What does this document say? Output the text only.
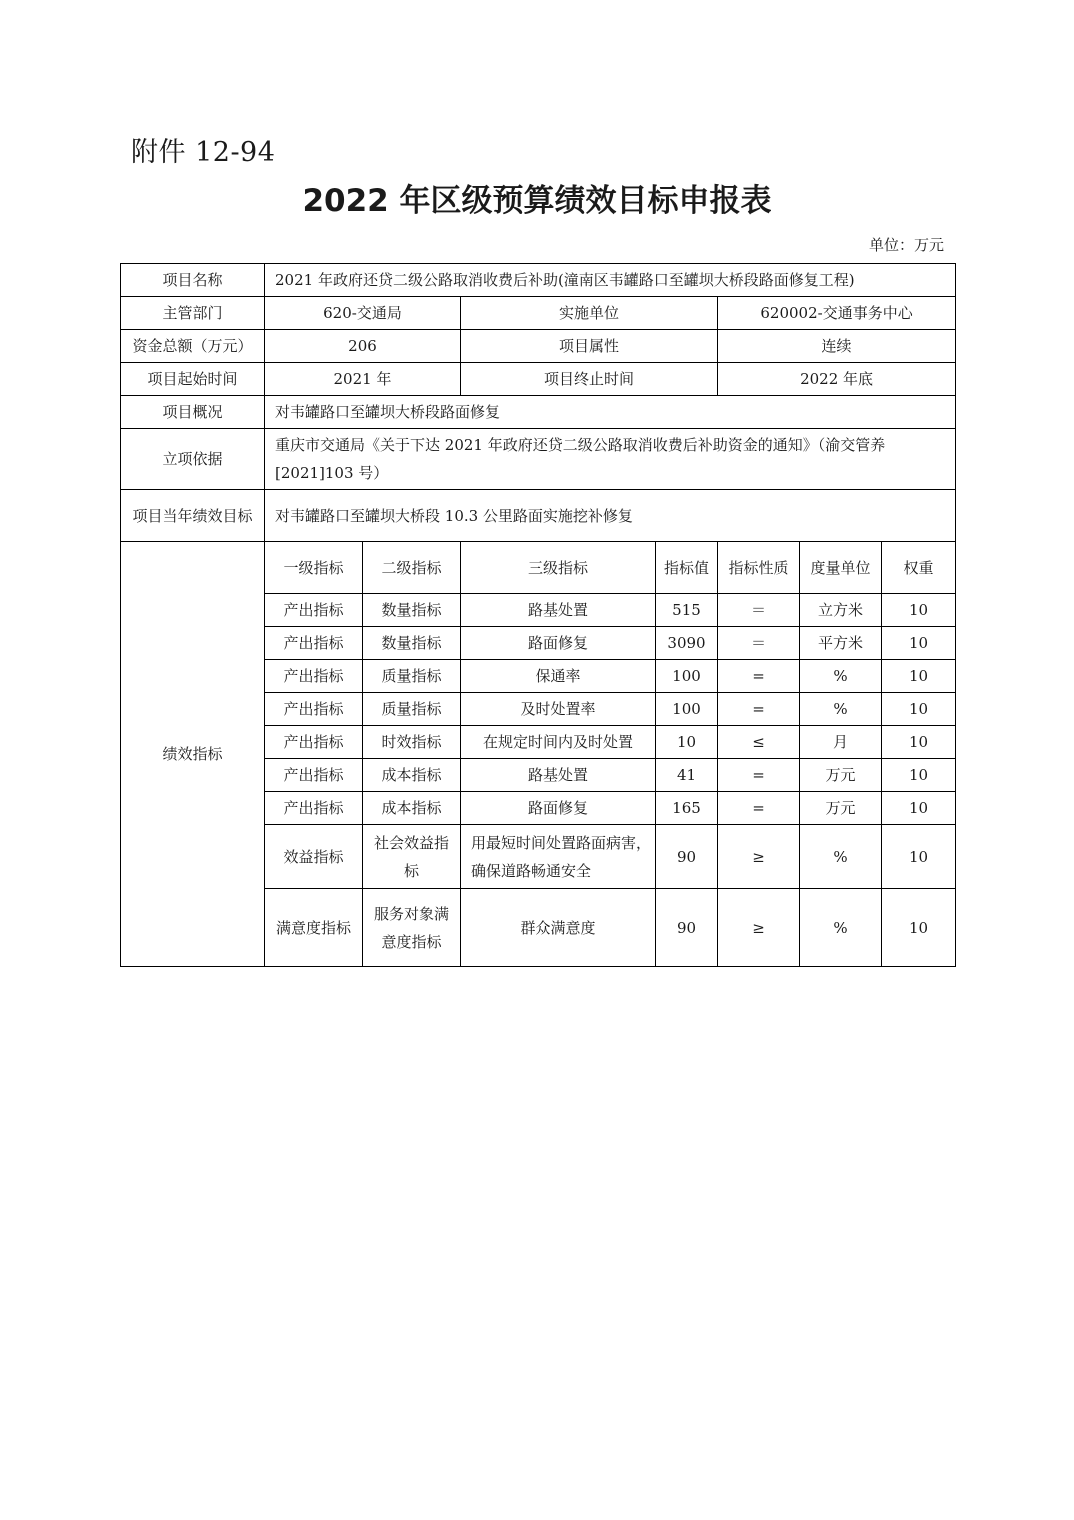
附件 12-94
2022 年区级预算绩效目标申报表
单位：万元
项目名称	2021 年政府还贷二级公路取消收费后补助(潼南区韦罐路口至罐坝大桥段路面修复工程)						
主管部门	620-交通局		实施单位		620002-交通事务中心		
资金总额（万元）	206		项目属性		连续		
项目起始时间	2021 年		项目终止时间		2022 年底		
项目概况	对韦罐路口至罐坝大桥段路面修复						
立项依据	重庆市交通局《关于下达 2021 年政府还贷二级公路取消收费后补助资金的通知》（渝交管养[2021]103 号）						
项目当年绩效目标	对韦罐路口至罐坝大桥段 10.3 公里路面实施挖补修复						
绩效指标	一级指标	二级指标	三级指标	指标值	指标性质	度量单位	权重
	产出指标	数量指标	路基处置	515	＝	立方米	10
	产出指标	数量指标	路面修复	3090	＝	平方米	10
	产出指标	质量指标	保通率	100	=	%	10
	产出指标	质量指标	及时处置率	100	=	%	10
	产出指标	时效指标	在规定时间内及时处置	10	≤	月	10
	产出指标	成本指标	路基处置	41	=	万元	10
	产出指标	成本指标	路面修复	165	=	万元	10
	效益指标	社会效益指标	用最短时间处置路面病害，确保道路畅通安全	90	≥	%	10
	满意度指标	服务对象满意度指标	群众满意度	90	≥	%	10
